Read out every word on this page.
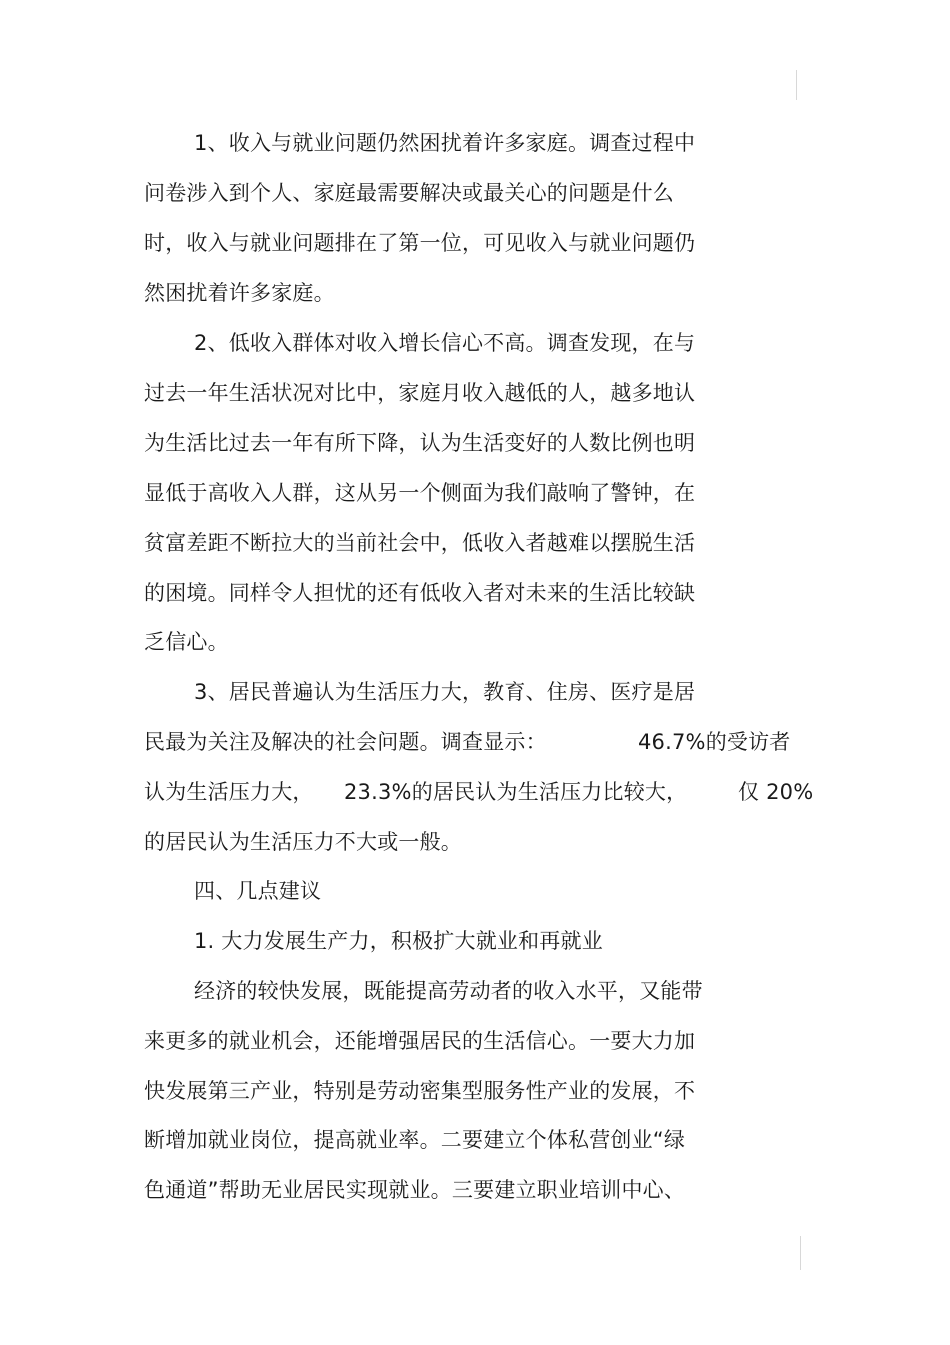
1、收入与就业问题仍然困扰着许多家庭。调查过程中
问卷涉入到个人、家庭最需要解决或最关心的问题是什么
时，收入与就业问题排在了第一位，可见收入与就业问题仍
然困扰着许多家庭。
2、低收入群体对收入增长信心不高。调查发现，在与
过去一年生活状况对比中，家庭月收入越低的人，越多地认
为生活比过去一年有所下降，认为生活变好的人数比例也明
显低于高收入人群，这从另一个侧面为我们敲响了警钟，在
贫富差距不断拉大的当前社会中，低收入者越难以摆脱生活
的困境。同样令人担忧的还有低收入者对未来的生活比较缺
乏信心。
3、居民普遍认为生活压力大，教育、住房、医疗是居
民最为关注及解决的社会问题。调查显示：	46.7%的受访者
认为生活压力大， 23.3%的居民认为生活压力比较大， 仅 20%
的居民认为生活压力不大或一般。
四、几点建议
1. 大力发展生产力，积极扩大就业和再就业
经济的较快发展，既能提高劳动者的收入水平，又能带
来更多的就业机会，还能增强居民的生活信心。一要大力加
快发展第三产业，特别是劳动密集型服务性产业的发展，不
断增加就业岗位，提高就业率。二要建立个体私营创业“绿
色通道”帮助无业居民实现就业。三要建立职业培训中心、
